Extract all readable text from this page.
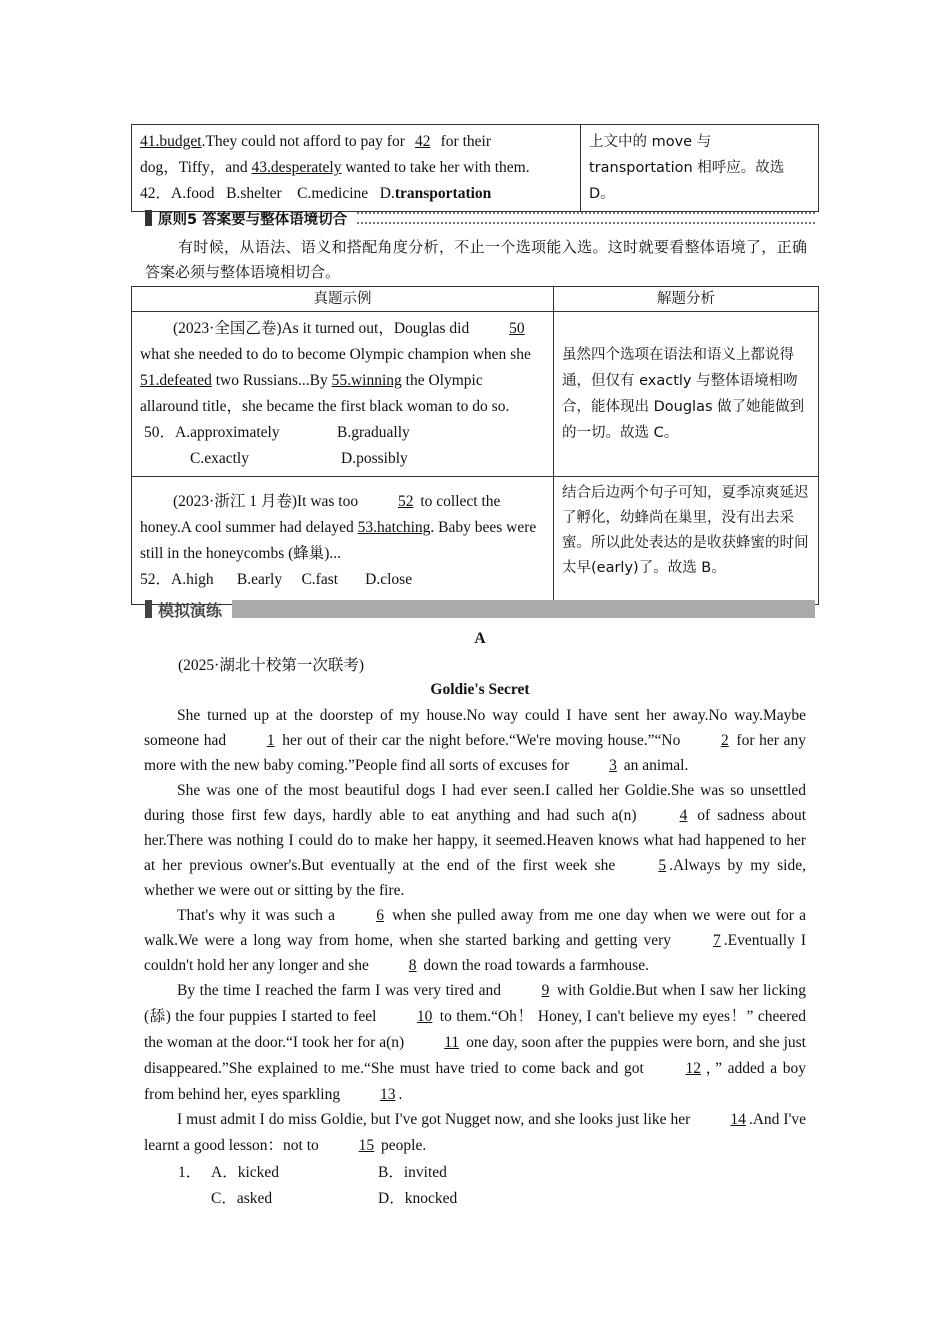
41.budget.They could not afford to pay for 42 for their
dog，Tiffy，and 43.desperately wanted to take her with them.
42．A.food   B.shelter    C.medicine   D.transportation

上文中的 move 与
transportation 相呼应。故选
D。
原则5 答案要与整体语境切合
有时候，从语法、语义和搭配角度分析，不止一个选项能入选。这时就要看整体语境了，正确答案必须与整体语境相切合。
真题示例	解题分析

(2023·全国乙卷)As it turned out，Douglas did 50 what she needed to do to become Olympic champion when she 51.defeated two Russians...By 55.winning the Olympic allaround title，she became the first black woman to do so.
50．A.approximately B.gradually
C.exactly D.possibly	虽然四个选项在语法和语义上都说得通，但仅有 exactly 与整体语境相吻合，能体现出 Douglas 做了她能做到的一切。故选 C。

(2023·浙江 1 月卷)It was too 52 to collect the honey.A cool summer had delayed 53.hatching. Baby bees were still in the honeycombs (蜂巢)...
52．A.high      B.early     C.fast       D.close	结合后边两个句子可知，夏季凉爽延迟了孵化，幼蜂尚在巢里，没有出去采蜜。所以此处表达的是收获蜂蜜的时间太早(early)了。故选 B。
模拟演练
A
(2025·湖北十校第一次联考)
Goldie's Secret
She turned up at the doorstep of my house.No way could I have sent her away.No way.Maybe someone had 1 her out of their car the night before.“We're moving house.”“No 2 for her any more with the new baby coming.”People find all sorts of excuses for 3 an animal.
She was one of the most beautiful dogs I had ever seen.I called her Goldie.She was so unsettled during those first few days, hardly able to eat anything and had such a(n) 4 of sadness about her.There was nothing I could do to make her happy, it seemed.Heaven knows what had happened to her at her previous owner's.But eventually at the end of the first week she 5 .Always by my side, whether we were out or sitting by the fire.
That's why it was such a 6 when she pulled away from me one day when we were out for a walk.We were a long way from home, when she started barking and getting very 7 .Eventually I couldn't hold her any longer and she 8 down the road towards a farmhouse.
By the time I reached the farm I was very tired and 9 with Goldie.But when I saw her licking (舔) the four puppies I started to feel 10 to them.“Oh！ Honey, I can't believe my eyes！” cheered the woman at the door.“I took her for a(n) 11 one day, soon after the puppies were born, and she just disappeared.”She explained to me.“She must have tried to come back and got 12 ，” added a boy from behind her, eyes sparkling 13 .
I must admit I do miss Goldie, but I've got Nugget now, and she looks just like her 14 .And I've learnt a good lesson：not to 15 people.
1． A．kicked	B．invited
C．asked	D．knocked
